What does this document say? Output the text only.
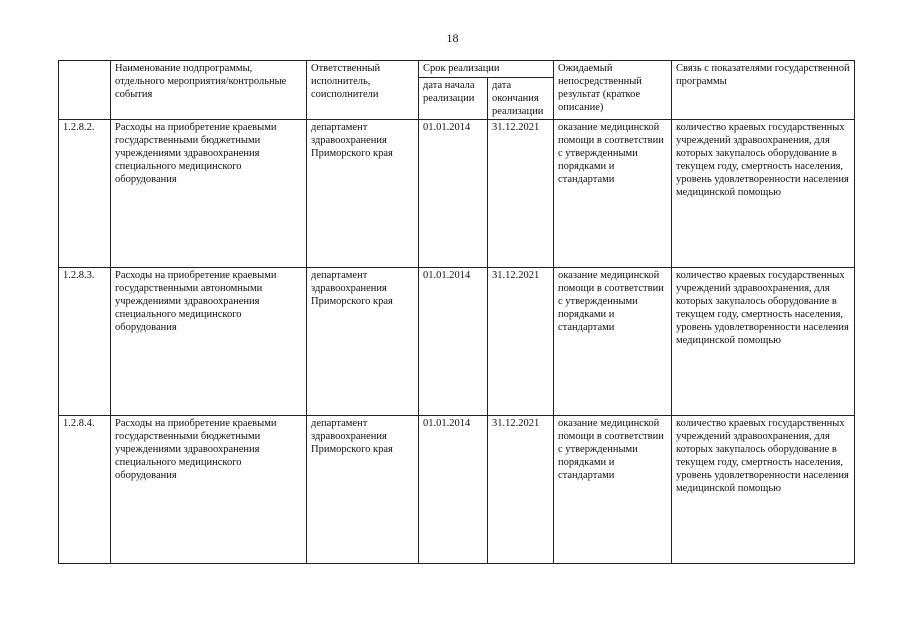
18
	Наименование подпрограммы, отдельного мероприятия/контрольные события	Ответственный исполнитель, соисполнители	Срок реализации		Ожидаемый непосредственный результат (краткое описание)	Связь с показателями государственной программы
			дата начала реализации	дата окончания реализации		
1.2.8.2.	Расходы на приобретение краевыми государственными бюджетными учреждениями здравоохранения специального медицинского оборудования	департамент здравоохранения Приморского края	01.01.2014	31.12.2021	оказание медицинской помощи в соответствии с утвержденными порядками и стандартами	количество краевых государственных учреждений здравоохранения, для которых закупалось оборудование в текущем году, смертность населения, уровень удовлетворенности населения медицинской помощью
1.2.8.3.	Расходы на приобретение краевыми государственными автономными учреждениями здравоохранения специального медицинского оборудования	департамент здравоохранения Приморского края	01.01.2014	31.12.2021	оказание медицинской помощи в соответствии с утвержденными порядками и стандартами	количество краевых государственных учреждений здравоохранения, для которых закупалось оборудование в текущем году, смертность населения, уровень удовлетворенности населения медицинской помощью
1.2.8.4.	Расходы на приобретение краевыми государственными бюджетными учреждениями здравоохранения специального медицинского оборудования	департамент здравоохранения Приморского края	01.01.2014	31.12.2021	оказание медицинской помощи в соответствии с утвержденными порядками и стандартами	количество краевых государственных учреждений здравоохранения, для которых закупалось оборудование в текущем году, смертность населения, уровень удовлетворенности населения медицинской помощью
